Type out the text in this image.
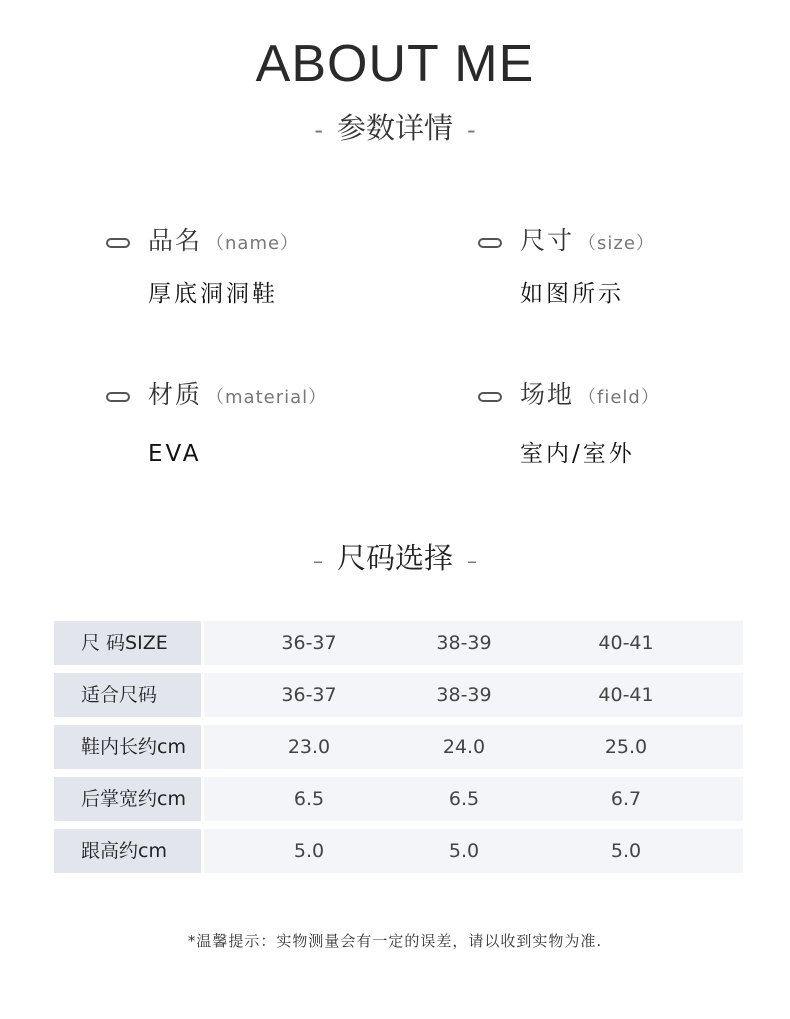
ABOUT ME
- 参数详情 -
品名 （name）
厚底洞洞鞋
尺寸 （size）
如图所示
材质 （material）
EVA
场地 （field）
室内/室外
– 尺码选择 –
尺 码SIZE	36-37	38-39	40-41
适合尺码	36-37	38-39	40-41
鞋内长约cm	23.0	24.0	25.0
后掌宽约cm	6.5	6.5	6.7
跟高约cm	5.0	5.0	5.0
*温馨提示：实物测量会有一定的误差，请以收到实物为准.
